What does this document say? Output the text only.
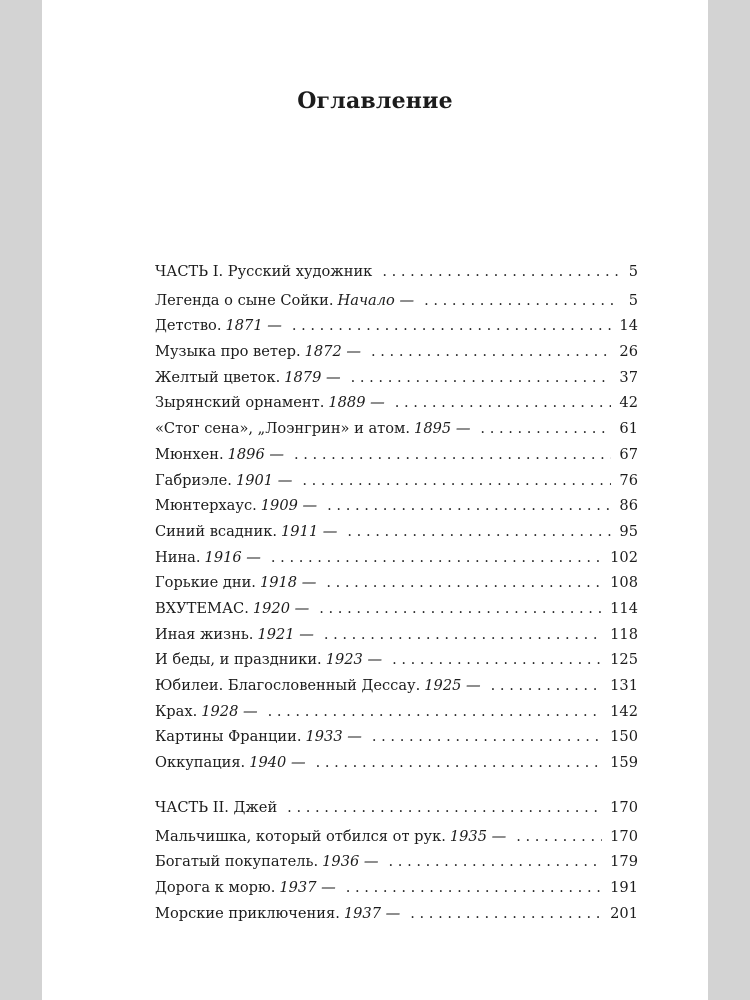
Оглавление
ЧАСТЬ I. Русский художник . . .	5
Легенда о сыне Сойки. Начало — . . .	5
Детство. 1871 — . . .	14
Музыка про ветер. 1872 — . . .	26
Желтый цветок. 1879 — . . .	37
Зырянский орнамент. 1889 — . . .	42
«Стог сена», „Лоэнгрин» и атом. 1895 — . . .	61
Мюнхен. 1896 — . . .	67
Габриэле. 1901 — . . .	76
Мюнтерхаус. 1909 — . . .	86
Синий всадник. 1911 — . . .	95
Нина. 1916 — . . .	102
Горькие дни. 1918 — . . .	108
ВХУТЕМАС. 1920 — . . .	114
Иная жизнь. 1921 — . . .	118
И беды, и праздники. 1923 — . . .	125
Юбилеи. Благословенный Дессау. 1925 — . . .	131
Крах. 1928 — . . .	142
Картины Франции. 1933 — . . .	150
Оккупация. 1940 — . . .	159
ЧАСТЬ II. Джей . . .	170
Мальчишка, который отбился от рук. 1935 — . . .	170
Богатый покупатель. 1936 — . . .	179
Дорога к морю. 1937 — . . .	191
Морские приключения. 1937 — . . .	201
